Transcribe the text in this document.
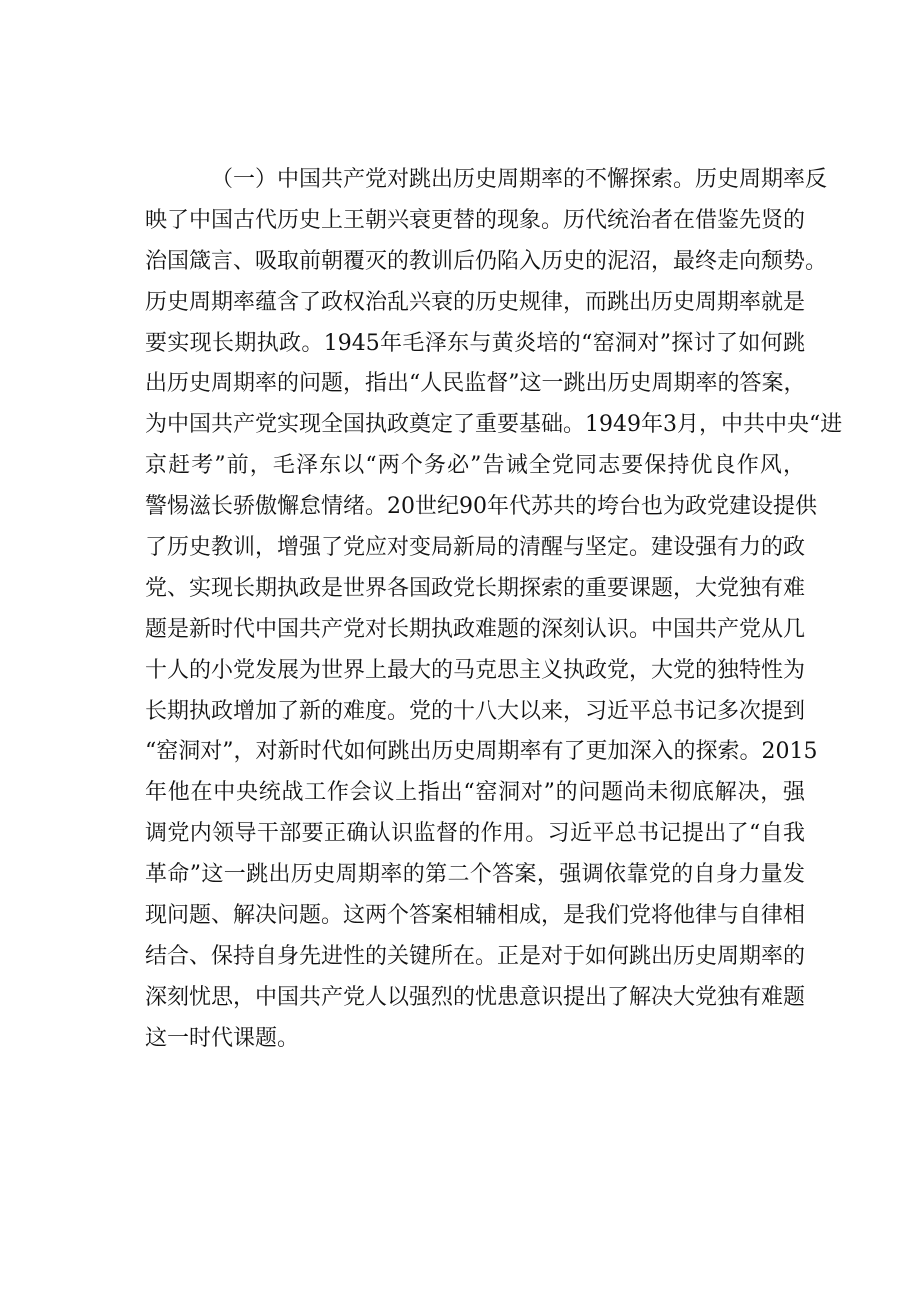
（一）中国共产党对跳出历史周期率的不懈探索。历史周期率反
映了中国古代历史上王朝兴衰更替的现象。历代统治者在借鉴先贤的
治国箴言、吸取前朝覆灭的教训后仍陷入历史的泥沼，最终走向颓势。
历史周期率蕴含了政权治乱兴衰的历史规律，而跳出历史周期率就是
要实现长期执政。1945年毛泽东与黄炎培的“窑洞对”探讨了如何跳
出历史周期率的问题，指出“人民监督”这一跳出历史周期率的答案，
为中国共产党实现全国执政奠定了重要基础。1949年3月，中共中央“进
京赶考”前，毛泽东以“两个务必”告诫全党同志要保持优良作风，
警惕滋长骄傲懈怠情绪。20世纪90年代苏共的垮台也为政党建设提供
了历史教训，增强了党应对变局新局的清醒与坚定。建设强有力的政
党、实现长期执政是世界各国政党长期探索的重要课题，大党独有难
题是新时代中国共产党对长期执政难题的深刻认识。中国共产党从几
十人的小党发展为世界上最大的马克思主义执政党，大党的独特性为
长期执政增加了新的难度。党的十八大以来，习近平总书记多次提到
“窑洞对”，对新时代如何跳出历史周期率有了更加深入的探索。2015
年他在中央统战工作会议上指出“窑洞对”的问题尚未彻底解决，强
调党内领导干部要正确认识监督的作用。习近平总书记提出了“自我
革命”这一跳出历史周期率的第二个答案，强调依靠党的自身力量发
现问题、解决问题。这两个答案相辅相成，是我们党将他律与自律相
结合、保持自身先进性的关键所在。正是对于如何跳出历史周期率的
深刻忧思，中国共产党人以强烈的忧患意识提出了解决大党独有难题
这一时代课题。
